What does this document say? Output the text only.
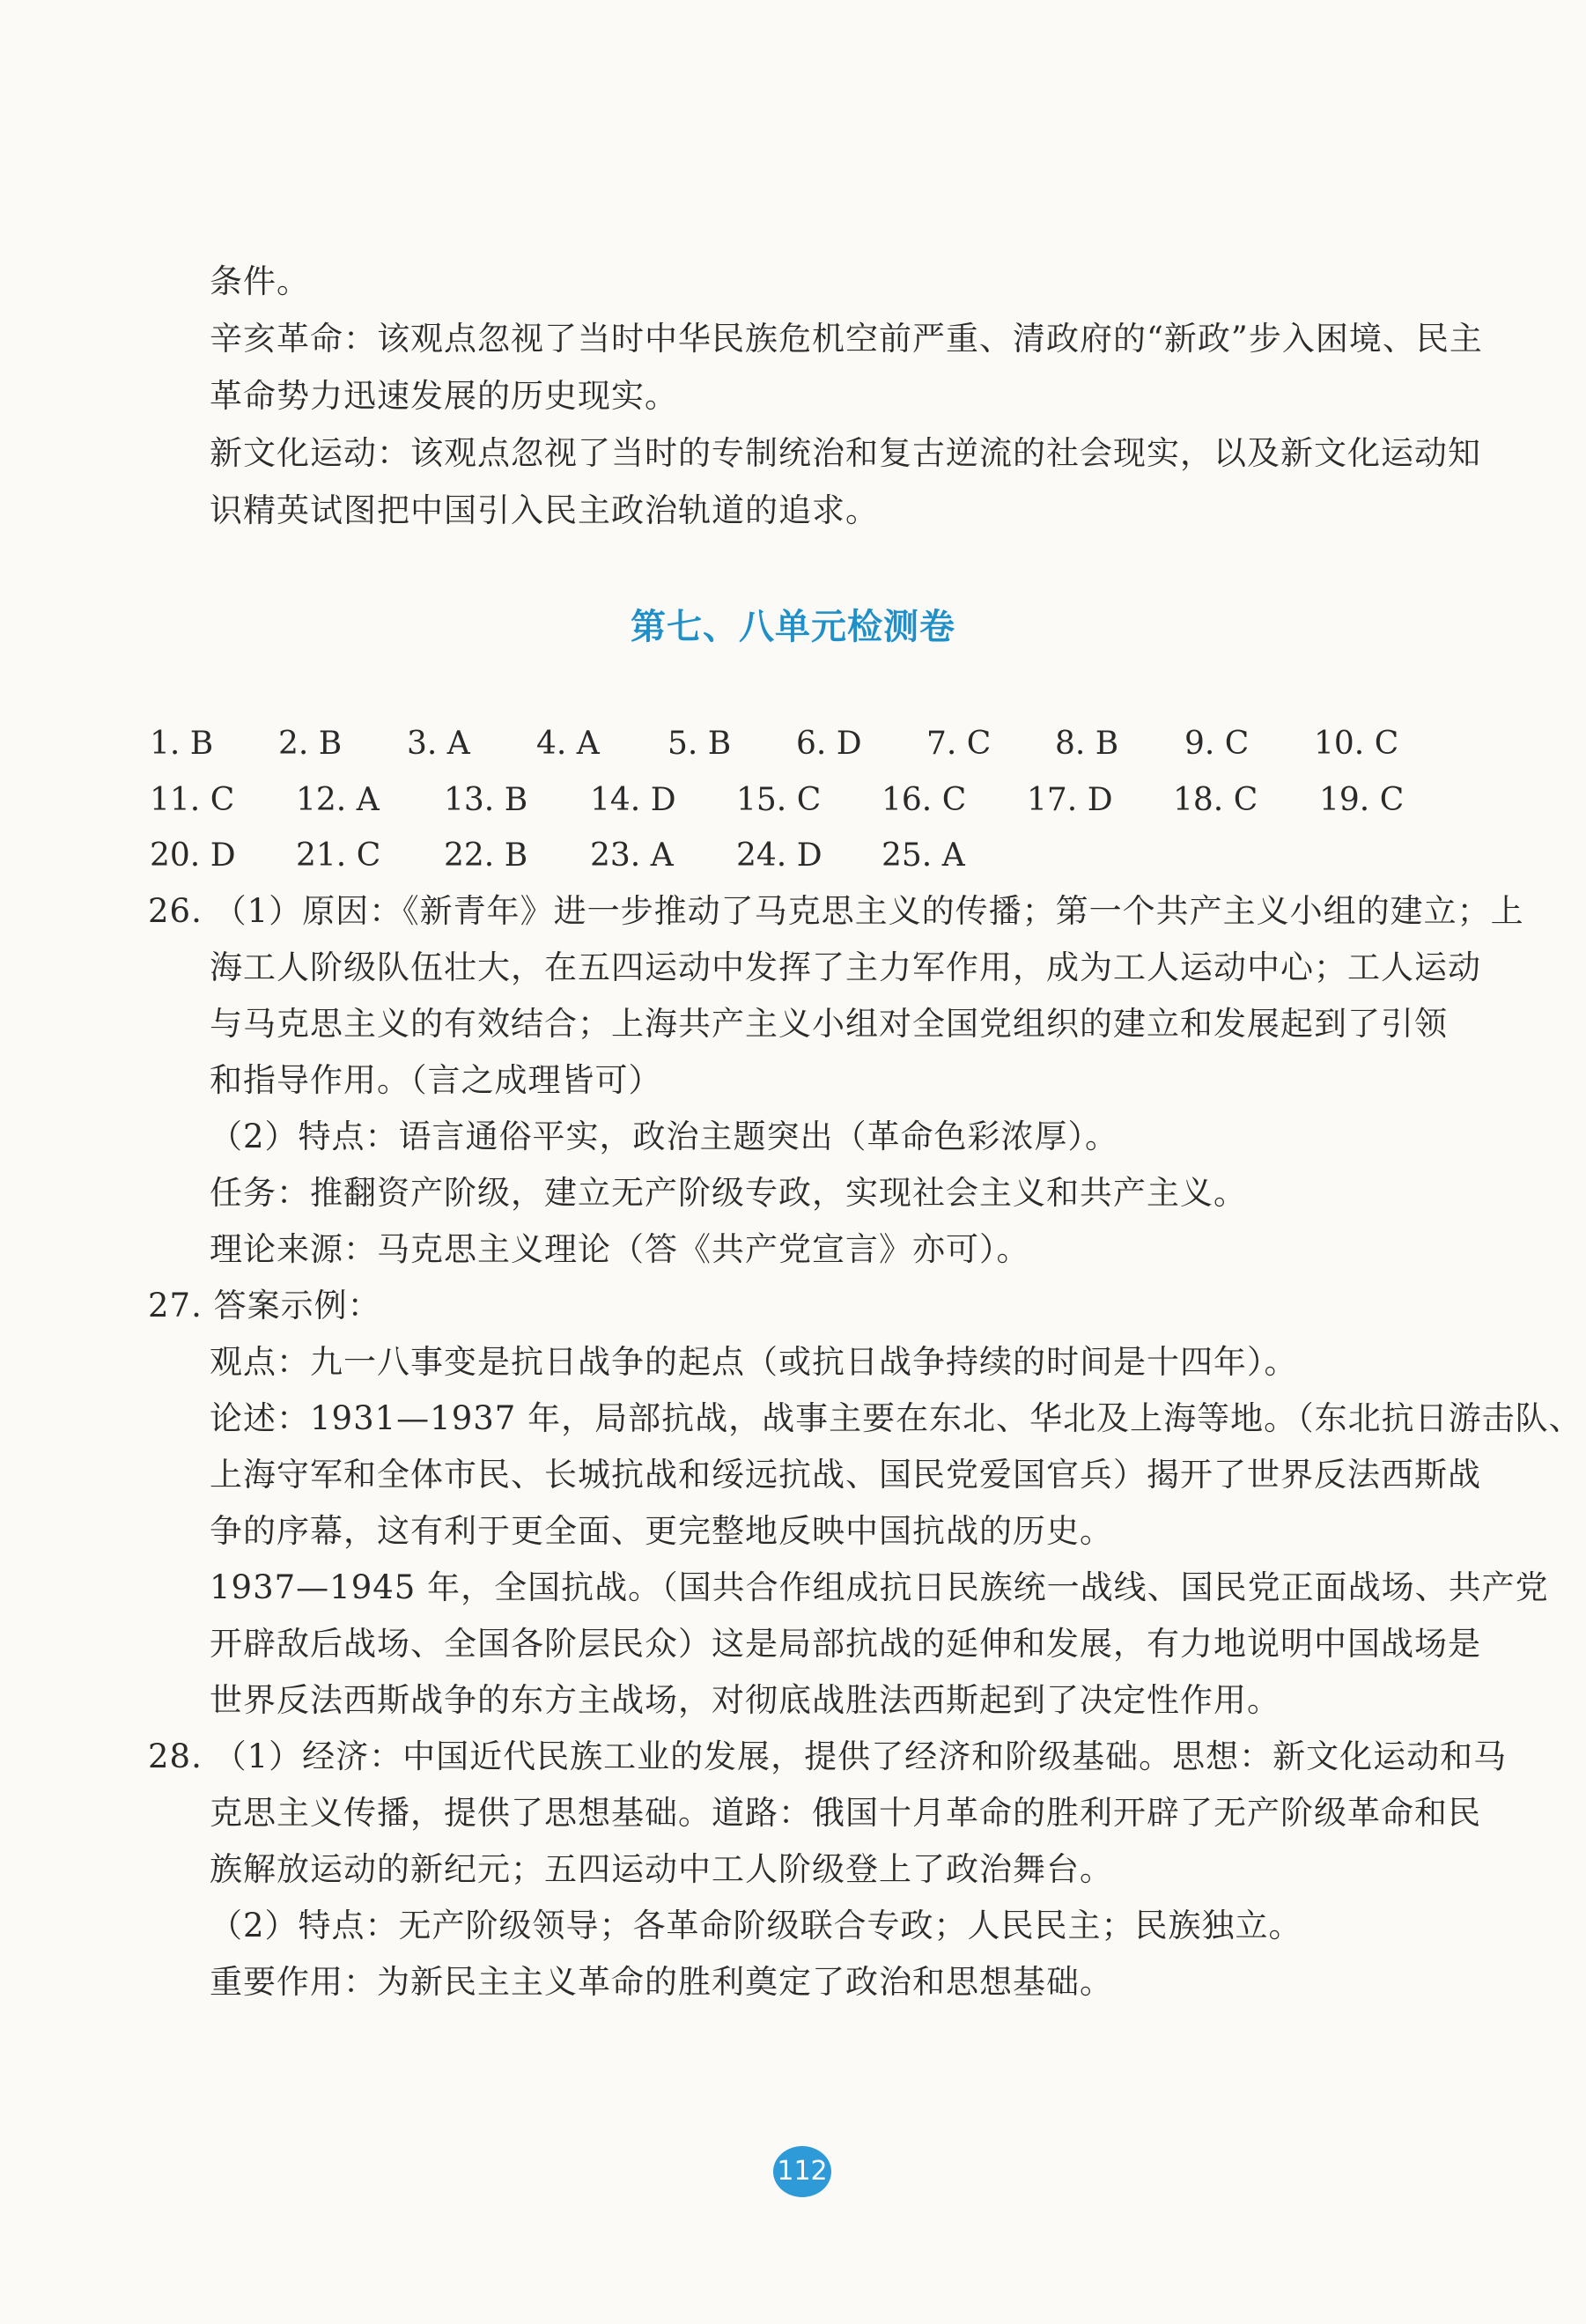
条件。
辛亥革命：该观点忽视了当时中华民族危机空前严重、清政府的“新政”步入困境、民主
革命势力迅速发展的历史现实。
新文化运动：该观点忽视了当时的专制统治和复古逆流的社会现实，以及新文化运动知
识精英试图把中国引入民主政治轨道的追求。
第七、八单元检测卷
1. B 2. B 3. A 4. A 5. B 6. D 7. C 8. B 9. C 10. C
11. C 12. A 13. B 14. D 15. C 16. C 17. D 18. C 19. C
20. D 21. C 22. B 23. A 24. D 25. A
26. （1）原因：《新青年》进一步推动了马克思主义的传播；第一个共产主义小组的建立；上
海工人阶级队伍壮大，在五四运动中发挥了主力军作用，成为工人运动中心；工人运动
与马克思主义的有效结合；上海共产主义小组对全国党组织的建立和发展起到了引领
和指导作用。（言之成理皆可）
（2）特点：语言通俗平实，政治主题突出（革命色彩浓厚）。
任务：推翻资产阶级，建立无产阶级专政，实现社会主义和共产主义。
理论来源：马克思主义理论（答《共产党宣言》亦可）。
27. 答案示例：
观点：九一八事变是抗日战争的起点（或抗日战争持续的时间是十四年）。
论述：1931—1937 年，局部抗战，战事主要在东北、华北及上海等地。（东北抗日游击队、
上海守军和全体市民、长城抗战和绥远抗战、国民党爱国官兵）揭开了世界反法西斯战
争的序幕，这有利于更全面、更完整地反映中国抗战的历史。
1937—1945 年，全国抗战。（国共合作组成抗日民族统一战线、国民党正面战场、共产党
开辟敌后战场、全国各阶层民众）这是局部抗战的延伸和发展，有力地说明中国战场是
世界反法西斯战争的东方主战场，对彻底战胜法西斯起到了决定性作用。
28. （1）经济：中国近代民族工业的发展，提供了经济和阶级基础。思想：新文化运动和马
克思主义传播，提供了思想基础。道路：俄国十月革命的胜利开辟了无产阶级革命和民
族解放运动的新纪元；五四运动中工人阶级登上了政治舞台。
（2）特点：无产阶级领导；各革命阶级联合专政；人民民主；民族独立。
重要作用：为新民主主义革命的胜利奠定了政治和思想基础。
112
